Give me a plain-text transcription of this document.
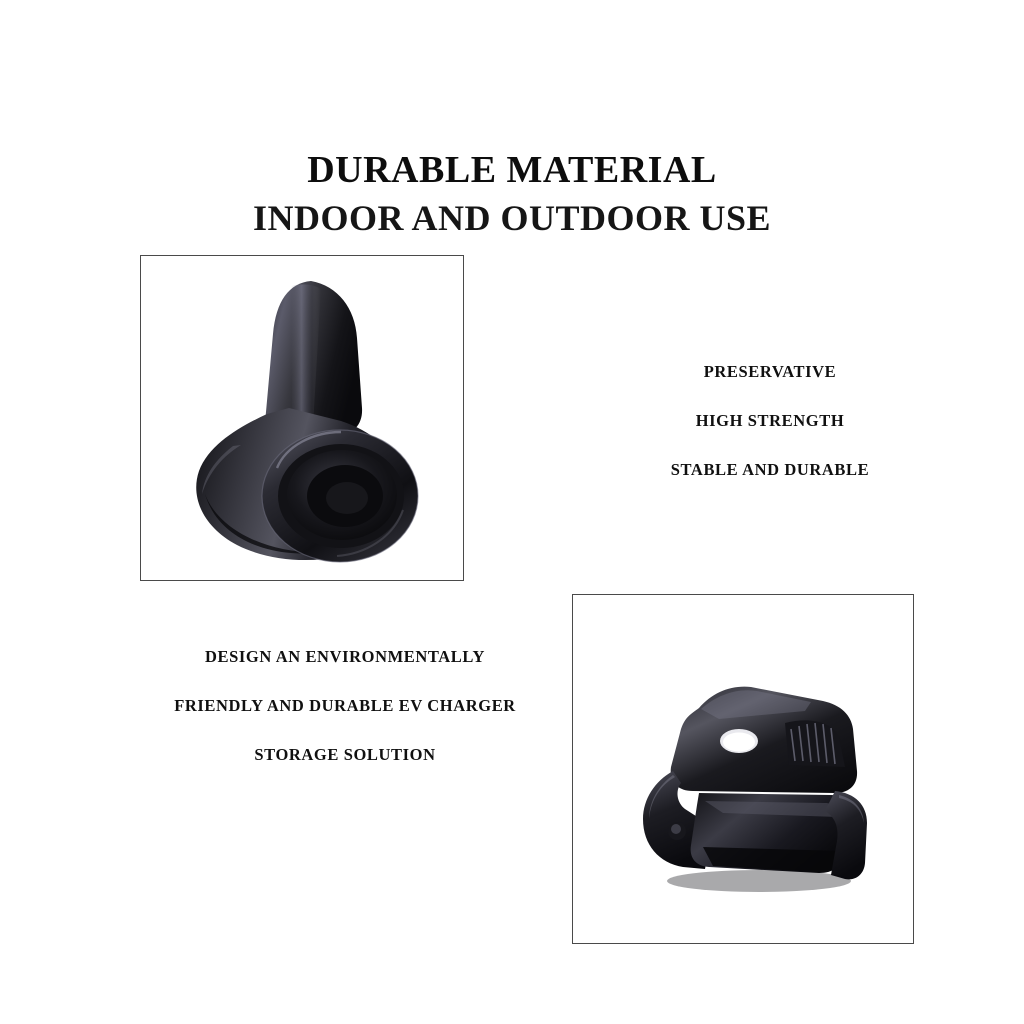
DURABLE MATERIAL
INDOOR AND OUTDOOR USE
PRESERVATIVE
HIGH STRENGTH
STABLE AND DURABLE
DESIGN AN ENVIRONMENTALLY
FRIENDLY AND DURABLE EV CHARGER
STORAGE SOLUTION
